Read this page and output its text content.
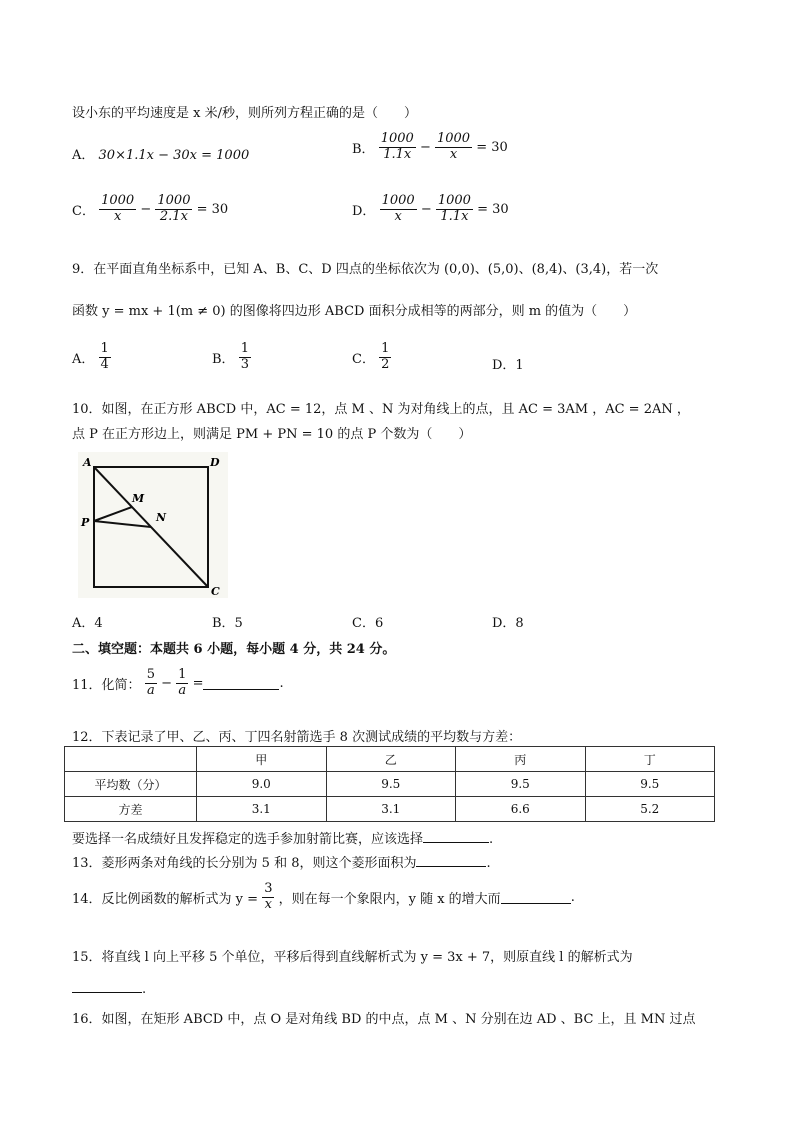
设小东的平均速度是 x 米/秒，则所列方程正确的是（　　）
A． 30×1.1x − 30x = 1000	B． $\frac{1000}{1.1x} - \frac{1000}{x} = 30$
C． $\frac{1000}{x} - \frac{1000}{2.1x} = 30$	D． $\frac{1000}{x} - \frac{1000}{1.1x} = 30$
9．在平面直角坐标系中，已知 A、B、C、D 四点的坐标依次为 (0,0)、(5,0)、(8,4)、(3,4)，若一次
函数 y = mx + 1(m ≠ 0) 的图像将四边形 ABCD 面积分成相等的两部分，则 m 的值为（　　）
A． $\frac{1}{4}$	B． $\frac{1}{3}$	C． $\frac{1}{2}$	D．1
10．如图，在正方形 ABCD 中，AC = 12，点 M 、N 为对角线上的点，且 AC = 3AM ，AC = 2AN ，
点 P 在正方形边上，则满足 PM + PN = 10 的点 P 个数为（　　）
A	D
M
N
P
C
A．4	B．5	C．6	D．8
二、填空题：本题共 6 小题，每小题 4 分，共 24 分。
11．化简： $\frac{5}{a} - \frac{1}{a}$ =	.
12．下表记录了甲、乙、丙、丁四名射箭选手 8 次测试成绩的平均数与方差：
	甲	乙	丙	丁
平均数（分）	9.0	9.5	9.5	9.5
方差	3.1	3.1	6.6	5.2
要选择一名成绩好且发挥稳定的选手参加射箭比赛，应该选择	.
13．菱形两条对角线的长分别为 5 和 8，则这个菱形面积为	.
14．反比例函数的解析式为 $y = \frac{3}{x}$ ，则在每一个象限内，y 随 x 的增大而	.
15．将直线 l 向上平移 5 个单位，平移后得到直线解析式为 y = 3x + 7，则原直线 l 的解析式为
.
16．如图，在矩形 ABCD 中，点 O 是对角线 BD 的中点，点 M 、N 分别在边 AD 、BC 上，且 MN 过点
